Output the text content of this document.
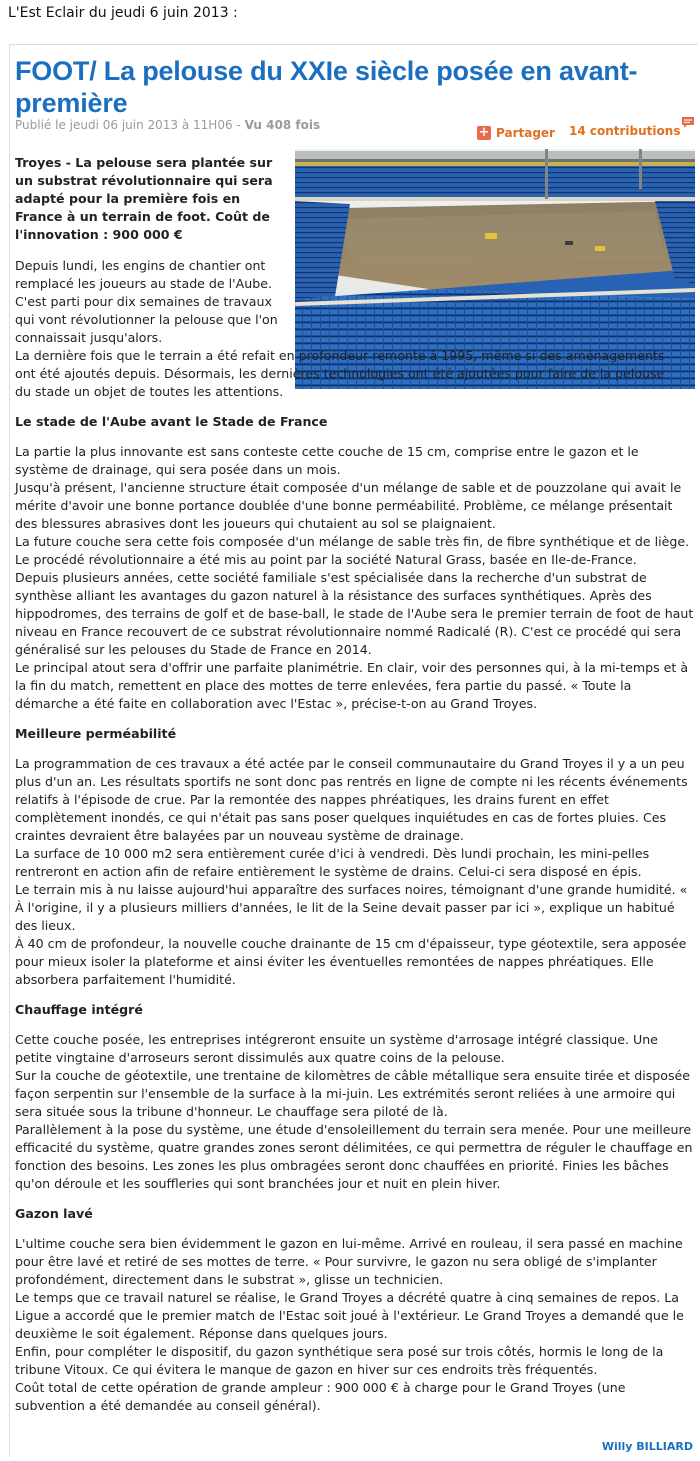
L'Est Eclair du jeudi 6 juin 2013 :
FOOT/ La pelouse du XXIe siècle posée en avant-première
Publié le jeudi 06 juin 2013 à 11H06 - Vu 408 fois	+ Partager 14 contributions

Troyes - La pelouse sera plantée sur un substrat révolutionnaire qui sera adapté pour la première fois en France à un terrain de foot. Coût de l'innovation : 900 000 €

Depuis lundi, les engins de chantier ont remplacé les joueurs au stade de l'Aube. C'est parti pour dix semaines de travaux qui vont révolutionner la pelouse que l'on connaissait jusqu'alors.

La dernière fois que le terrain a été refait en profondeur remonte à 1995, même si des aménagements ont été ajoutés depuis. Désormais, les dernières technologies ont été ajoutées pour faire de la pelouse du stade un objet de toutes les attentions.

Le stade de l'Aube avant le Stade de France

La partie la plus innovante est sans conteste cette couche de 15 cm, comprise entre le gazon et le système de drainage, qui sera posée dans un mois.

Jusqu'à présent, l'ancienne structure était composée d'un mélange de sable et de pouzzolane qui avait le mérite d'avoir une bonne portance doublée d'une bonne perméabilité. Problème, ce mélange présentait des blessures abrasives dont les joueurs qui chutaient au sol se plaignaient.

La future couche sera cette fois composée d'un mélange de sable très fin, de fibre synthétique et de liège. Le procédé révolutionnaire a été mis au point par la société Natural Grass, basée en Ile-de-France.

Depuis plusieurs années, cette société familiale s'est spécialisée dans la recherche d'un substrat de synthèse alliant les avantages du gazon naturel à la résistance des surfaces synthétiques. Après des hippodromes, des terrains de golf et de base-ball, le stade de l'Aube sera le premier terrain de foot de haut niveau en France recouvert de ce substrat révolutionnaire nommé Radicalé (R). C'est ce procédé qui sera généralisé sur les pelouses du Stade de France en 2014.

Le principal atout sera d'offrir une parfaite planimétrie. En clair, voir des personnes qui, à la mi-temps et à la fin du match, remettent en place des mottes de terre enlevées, fera partie du passé. « Toute la démarche a été faite en collaboration avec l'Estac », précise-t-on au Grand Troyes.

Meilleure perméabilité

La programmation de ces travaux a été actée par le conseil communautaire du Grand Troyes il y a un peu plus d'un an. Les résultats sportifs ne sont donc pas rentrés en ligne de compte ni les récents événements relatifs à l'épisode de crue. Par la remontée des nappes phréatiques, les drains furent en effet complètement inondés, ce qui n'était pas sans poser quelques inquiétudes en cas de fortes pluies. Ces craintes devraient être balayées par un nouveau système de drainage.

La surface de 10 000 m2 sera entièrement curée d'ici à vendredi. Dès lundi prochain, les mini-pelles rentreront en action afin de refaire entièrement le système de drains. Celui-ci sera disposé en épis.

Le terrain mis à nu laisse aujourd'hui apparaître des surfaces noires, témoignant d'une grande humidité. « À l'origine, il y a plusieurs milliers d'années, le lit de la Seine devait passer par ici », explique un habitué des lieux.

À 40 cm de profondeur, la nouvelle couche drainante de 15 cm d'épaisseur, type géotextile, sera apposée pour mieux isoler la plateforme et ainsi éviter les éventuelles remontées de nappes phréatiques. Elle absorbera parfaitement l'humidité.

Chauffage intégré

Cette couche posée, les entreprises intégreront ensuite un système d'arrosage intégré classique. Une petite vingtaine d'arroseurs seront dissimulés aux quatre coins de la pelouse.

Sur la couche de géotextile, une trentaine de kilomètres de câble métallique sera ensuite tirée et disposée façon serpentin sur l'ensemble de la surface à la mi-juin. Les extrémités seront reliées à une armoire qui sera située sous la tribune d'honneur. Le chauffage sera piloté de là.

Parallèlement à la pose du système, une étude d'ensoleillement du terrain sera menée. Pour une meilleure efficacité du système, quatre grandes zones seront délimitées, ce qui permettra de réguler le chauffage en fonction des besoins. Les zones les plus ombragées seront donc chauffées en priorité. Finies les bâches qu'on déroule et les souffleries qui sont branchées jour et nuit en plein hiver.

Gazon lavé

L'ultime couche sera bien évidemment le gazon en lui-même. Arrivé en rouleau, il sera passé en machine pour être lavé et retiré de ses mottes de terre. « Pour survivre, le gazon nu sera obligé de s'implanter profondément, directement dans le substrat », glisse un technicien.

Le temps que ce travail naturel se réalise, le Grand Troyes a décrété quatre à cinq semaines de repos. La Ligue a accordé que le premier match de l'Estac soit joué à l'extérieur. Le Grand Troyes a demandé que le deuxième le soit également. Réponse dans quelques jours.

Enfin, pour compléter le dispositif, du gazon synthétique sera posé sur trois côtés, hormis le long de la tribune Vitoux. Ce qui évitera le manque de gazon en hiver sur ces endroits très fréquentés.

Coût total de cette opération de grande ampleur : 900 000 € à charge pour le Grand Troyes (une subvention a été demandée au conseil général).

Willy BILLIARD
